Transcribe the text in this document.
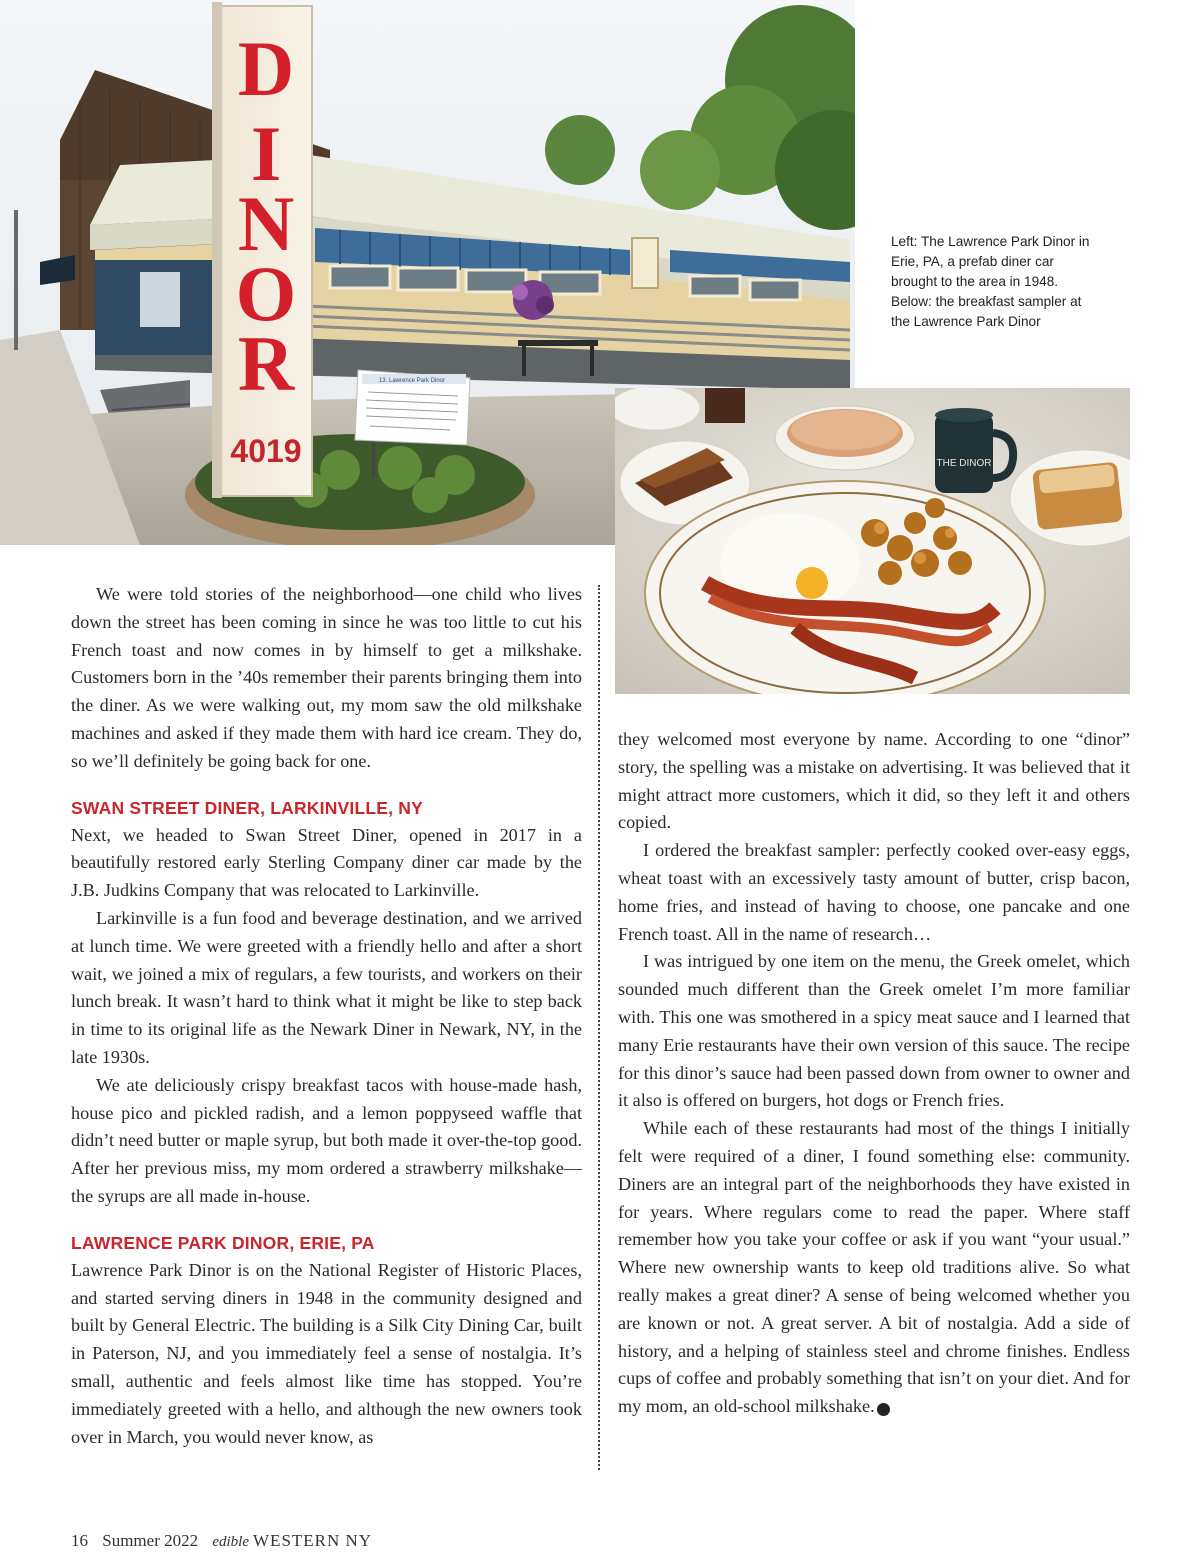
13. Lawrence Park Dinor
D
I
N
O
R
4019

Left: The Lawrence Park Dinor in Erie, PA, a prefab diner car brought to the area in 1948. Below: the breakfast sampler at the Lawrence Park Dinor

THE DINOR

We were told stories of the neighborhood—one child who lives down the street has been coming in since he was too little to cut his French toast and now comes in by himself to get a milkshake. Customers born in the ’40s remember their parents bringing them into the diner. As we were walking out, my mom saw the old milkshake machines and asked if they made them with hard ice cream. They do, so we’ll definitely be going back for one.

SWAN STREET DINER, LARKINVILLE, NY

Next, we headed to Swan Street Diner, opened in 2017 in a beautifully restored early Sterling Company diner car made by the J.B. Judkins Company that was relocated to Larkinville.

Larkinville is a fun food and beverage destination, and we arrived at lunch time. We were greeted with a friendly hello and after a short wait, we joined a mix of regulars, a few tourists, and workers on their lunch break. It wasn’t hard to think what it might be like to step back in time to its original life as the Newark Diner in Newark, NY, in the late 1930s.

We ate deliciously crispy breakfast tacos with house-made hash, house pico and pickled radish, and a lemon poppyseed waffle that didn’t need butter or maple syrup, but both made it over-the-top good. After her previous miss, my mom ordered a strawberry milkshake—the syrups are all made in-house.

LAWRENCE PARK DINOR, ERIE, PA

Lawrence Park Dinor is on the National Register of Historic Places, and started serving diners in 1948 in the community designed and built by General Electric. The building is a Silk City Dining Car, built in Paterson, NJ, and you immediately feel a sense of nostalgia. It’s small, authentic and feels almost like time has stopped. You’re immediately greeted with a hello, and although the new owners took over in March, you would never know, as

they welcomed most everyone by name. According to one “dinor” story, the spelling was a mistake on advertising. It was believed that it might attract more customers, which it did, so they left it and others copied.

I ordered the breakfast sampler: perfectly cooked over-easy eggs, wheat toast with an excessively tasty amount of butter, crisp bacon, home fries, and instead of having to choose, one pancake and one French toast. All in the name of research…

I was intrigued by one item on the menu, the Greek omelet, which sounded much different than the Greek omelet I’m more familiar with. This one was smothered in a spicy meat sauce and I learned that many Erie restaurants have their own version of this sauce. The recipe for this dinor’s sauce had been passed down from owner to owner and it also is offered on burgers, hot dogs or French fries.

While each of these restaurants had most of the things I initially felt were required of a diner, I found something else: community. Diners are an integral part of the neighborhoods they have existed in for years. Where regulars come to read the paper. Where staff remember how you take your coffee or ask if you want “your usual.” Where new ownership wants to keep old traditions alive. So what really makes a great diner? A sense of being welcomed whether you are known or not. A great server. A bit of nostalgia. Add a side of history, and a helping of stainless steel and chrome finishes. Endless cups of coffee and probably something that isn’t on your diet. And for my mom, an old-school milkshake.	e

16 Summer 2022 edible WESTERN NY
